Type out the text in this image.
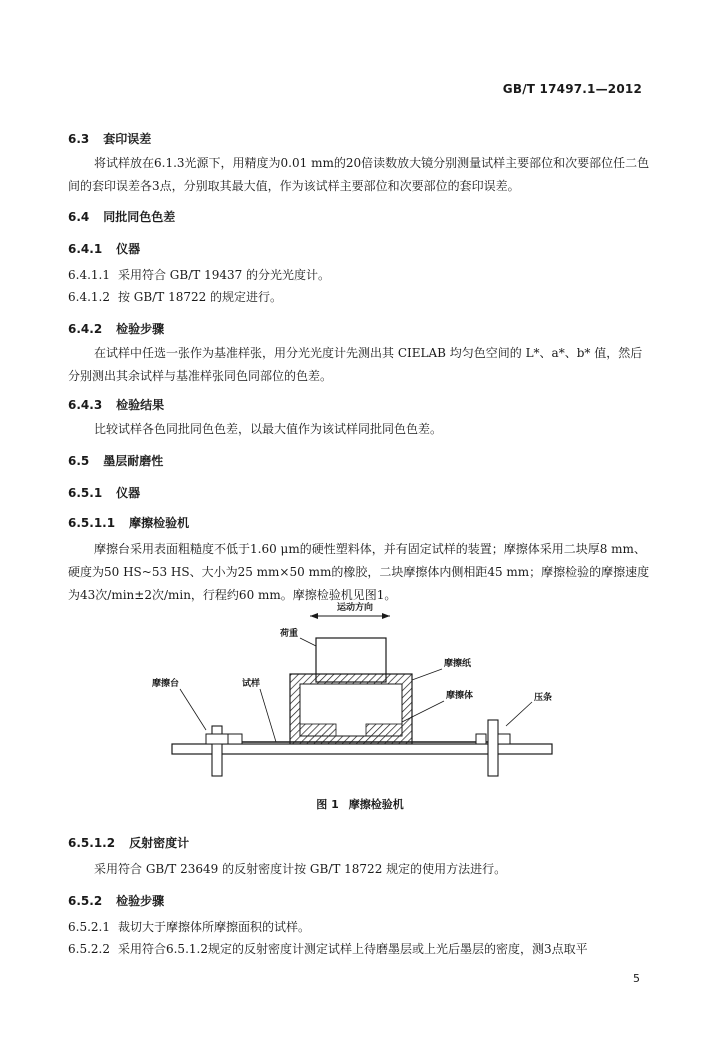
GB/T 17497.1—2012
6.3 套印误差
将试样放在6.1.3光源下，用精度为0.01 mm的20倍读数放大镜分别测量试样主要部位和次要部位任二色间的套印误差各3点，分别取其最大值，作为该试样主要部位和次要部位的套印误差。
6.4 同批同色色差
6.4.1 仪器
6.4.1.1 采用符合 GB/T 19437 的分光光度计。
6.4.1.2 按 GB/T 18722 的规定进行。
6.4.2 检验步骤
在试样中任选一张作为基准样张，用分光光度计先测出其 CIELAB 均匀色空间的 L*、a*、b* 值，然后分别测出其余试样与基准样张同色同部位的色差。
6.4.3 检验结果
比较试样各色同批同色色差，以最大值作为该试样同批同色色差。
6.5 墨层耐磨性
6.5.1 仪器
6.5.1.1 摩擦检验机
摩擦台采用表面粗糙度不低于1.60 μm的硬性塑料体，并有固定试样的装置；摩擦体采用二块厚8 mm、硬度为50 HS~53 HS、大小为25 mm×50 mm的橡胶，二块摩擦体内侧相距45 mm；摩擦检验的摩擦速度为43次/min±2次/min，行程约60 mm。摩擦检验机见图1。
运动方向
荷重
摩擦纸
摩擦体
摩擦台	试样
压条
图 1 摩擦检验机
6.5.1.2 反射密度计
采用符合 GB/T 23649 的反射密度计按 GB/T 18722 规定的使用方法进行。
6.5.2 检验步骤
6.5.2.1 裁切大于摩擦体所摩擦面积的试样。
6.5.2.2 采用符合6.5.1.2规定的反射密度计测定试样上待磨墨层或上光后墨层的密度，测3点取平
5
